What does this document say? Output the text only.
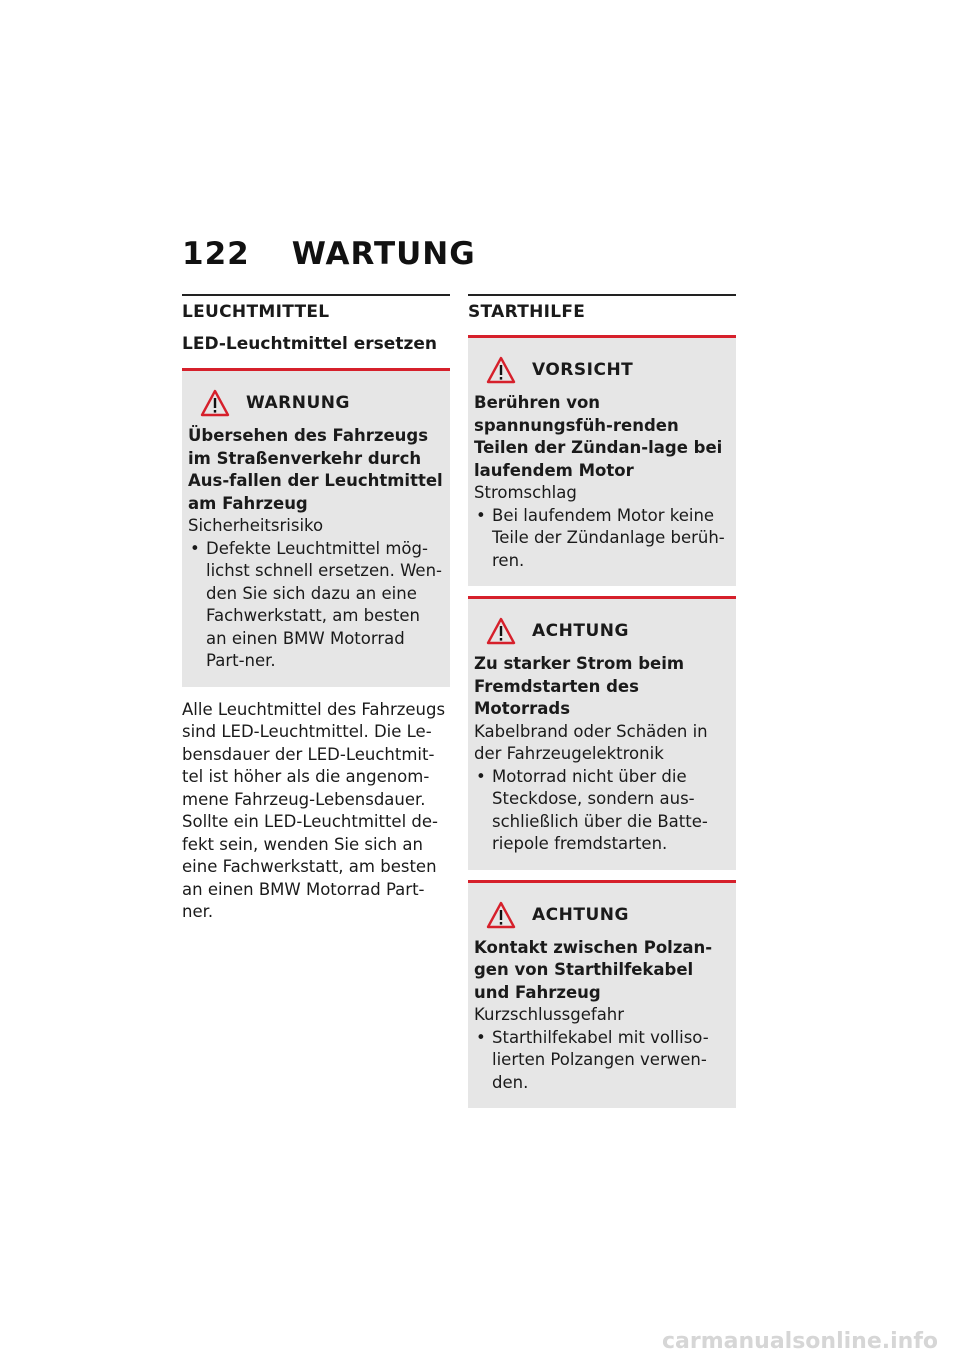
122 WARTUNG
LEUCHTMITTEL
LED-Leuchtmittel ersetzen
WARNUNG
Übersehen des Fahrzeugs im Straßenverkehr durch Aus-fallen der Leuchtmittel am Fahrzeug
Sicherheitsrisiko
• Defekte Leuchtmittel mög-lichst schnell ersetzen. Wen-den Sie sich dazu an eine Fachwerkstatt, am besten an einen BMW Motorrad Part-ner.
Alle Leuchtmittel des Fahrzeugs sind LED-Leuchtmittel. Die Le-bensdauer der LED-Leuchtmit-tel ist höher als die angenom-mene Fahrzeug-Lebensdauer. Sollte ein LED-Leuchtmittel de-fekt sein, wenden Sie sich an eine Fachwerkstatt, am besten an einen BMW Motorrad Part-ner.
STARTHILFE
VORSICHT
Berühren von spannungsfüh-renden Teilen der Zündan-lage bei laufendem Motor
Stromschlag
• Bei laufendem Motor keine Teile der Zündanlage berüh-ren.
ACHTUNG
Zu starker Strom beim Fremdstarten des Motorrads
Kabelbrand oder Schäden in der Fahrzeugelektronik
• Motorrad nicht über die Steckdose, sondern aus-schließlich über die Batte-riepole fremdstarten.
ACHTUNG
Kontakt zwischen Polzan-gen von Starthilfekabel und Fahrzeug
Kurzschlussgefahr
• Starthilfekabel mit volliso-lierten Polzangen verwen-den.
carmanualsonline.info
